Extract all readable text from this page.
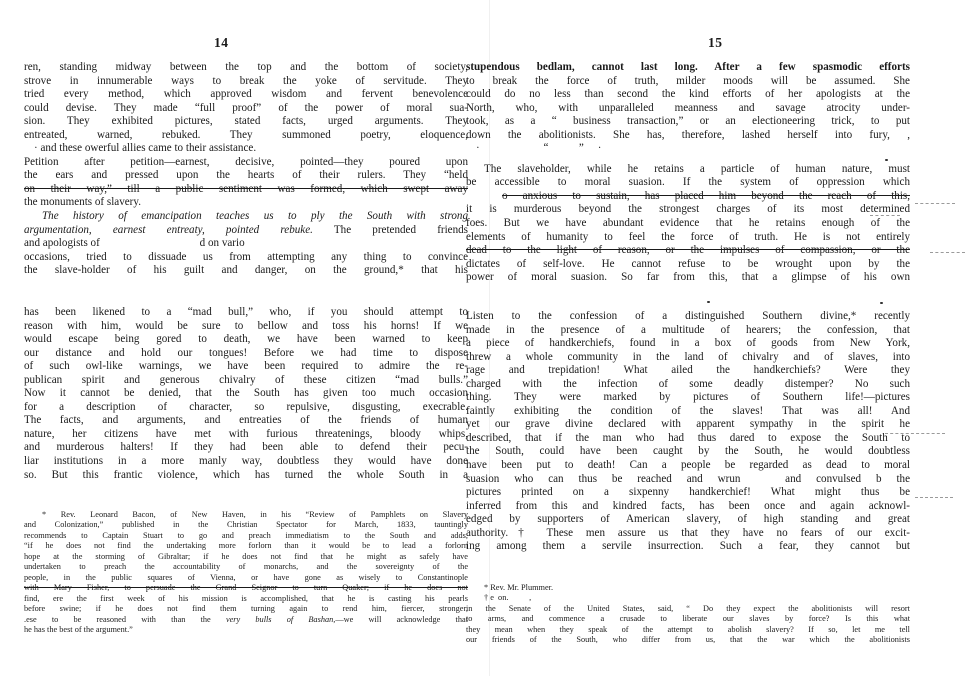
14
ren, standing midway between the top and the bottom of society,
strove in innumerable ways to break the yoke of servitude. They
tried every method, which approved wisdom and fervent benevolence
could devise. They made “full proof” of the power of moral sua-
sion. They exhibited pictures, stated facts, urged arguments. They
entreated, warned, rebuked. They summoned poetry, eloquence,
· and these owerful allies came to their assistance.
Petition after petition—earnest, decisive, pointed—they poured upon
the ears and pressed upon the hearts of their rulers. They “held
on their way,” till a public sentiment was formed, which swept away
the monuments of slavery.
The history of emancipation teaches us to ply the South with strong
argumentation, earnest entreaty, pointed rebuke. The pretended friends
and apologists of                                    d on vario
occasions, tried to dissuade us from attempting any thing to convince
the slave-holder of his guilt and danger, on the ground,* that his
has been likened to a “mad bull,” who, if you should attempt to
reason with him, would be sure to bellow and toss his horns! If we
would escape being gored to death, we have been warned to keep
our distance and hold our tongues! Before we had time to dispose
of such owl-like warnings, we have been required to admire the re-
publican spirit and generous chivalry of these citizen “mad bulls.”
Now it cannot be denied, that the South has given too much occasion
for a description of character, so repulsive, disgusting, execrable.
The facts, and arguments, and entreaties of the friends of human
nature, her citizens have met with furious threatenings, bloody whips,
and murderous halters! If they had been able to defend their pecu-
liar institutions in a more manly way, doubtless they would have done
so. But this frantic violence, which has turned the whole South in a
* Rev. Leonard Bacon, of New Haven, in his “Review of Pamphlets on Slavery
and Colonization,” published in the Christian Spectator for March, 1833, tauntingly
recommends to Captain Stuart to go and preach immediatism to the South and adds,
“if he does not find the undertaking more forlorn than it would be to lead a forlorn
hope at the storming of Gibraltar; if he does not find that he might as safely have
undertaken to preach the accountability of monarchs, and the sovereignty of the
people, in the public squares of Vienna, or have gone as wisely to Constantinople
with Mary Fisher, to persuade the Grand Seignor to turn Quaker; if he does not
find, ere the first week of his mission is accomplished, that he is casting his pearls
before swine; if he does not find them turning again to rend him, fiercer, stronger,
.ese to be reasoned with than the very bulls of Bashan,—we will acknowledge that
he has the best of the argument.”
15
stupendous bedlam, cannot last long. After a few spasmodic efforts
to break the force of truth, milder moods will be assumed. She
could do no less than second the kind efforts of her apologists at the
North, who, with unparalleled meanness and savage atrocity under-
took, as a “ business transaction,” or an electioneering trick, to put
down the abolitionists. She has, therefore, lashed herself into fury, ,
·                       “           ”     ·
The slaveholder, while he retains a particle of human nature, must
be accessible to moral suasion. If the system of oppression which
o anxious to sustain, has placed him beyond the reach of this,
it is murderous beyond the strongest charges of its most determined
foes. But we have abundant evidence that he retains enough of the
elements of humanity to feel the force of truth. He is not entirely
dead to the light of reason, or the impulses of compassion, or the
dictates of self-love. He cannot refuse to be wrought upon by the
power of moral suasion. So far from this, that a glimpse of his own
Listen to the confession of a distinguished Southern divine,* recently
made in the presence of a multitude of hearers; the confession, that
a piece of handkerchiefs, found in a box of goods from New York,
threw a whole community in the land of chivalry and of slaves, into
rage and trepidation! What ailed the handkerchiefs? Were they
charged with the infection of some deadly distemper? No such
thing. They were marked by pictures of Southern life!—pictures
faintly exhibiting the condition of the slaves! That was all! And
yet our grave divine declared with apparent sympathy in the spirit he
described, that if the man who had thus dared to expose the South to
the South, could have been caught by the South, he would doubtless
have been put to death! Can a people be regarded as dead to moral
suasion who can thus be reached and wrun   and convulsed b the
pictures printed on a sixpenny handkerchief! What might thus be
inferred from this and kindred facts, has been once and again acknowl-
edged by supporters of American slavery, of high standing and great
authority.† These men assure us that they have no fears of our excit-
ing among them a servile insurrection. Such a fear, they cannot but
* Rev. Mr. Plummer.
† e  on.          ,
in the Senate of the United States, said, “ Do they expect the abolitionists will resort
to arms, and commence a crusade to liberate our slaves by force? Is this what
they mean when they speak of the attempt to abolish slavery? If so, let me tell
our friends of the South, who differ from us, that the war which the abolitionists
